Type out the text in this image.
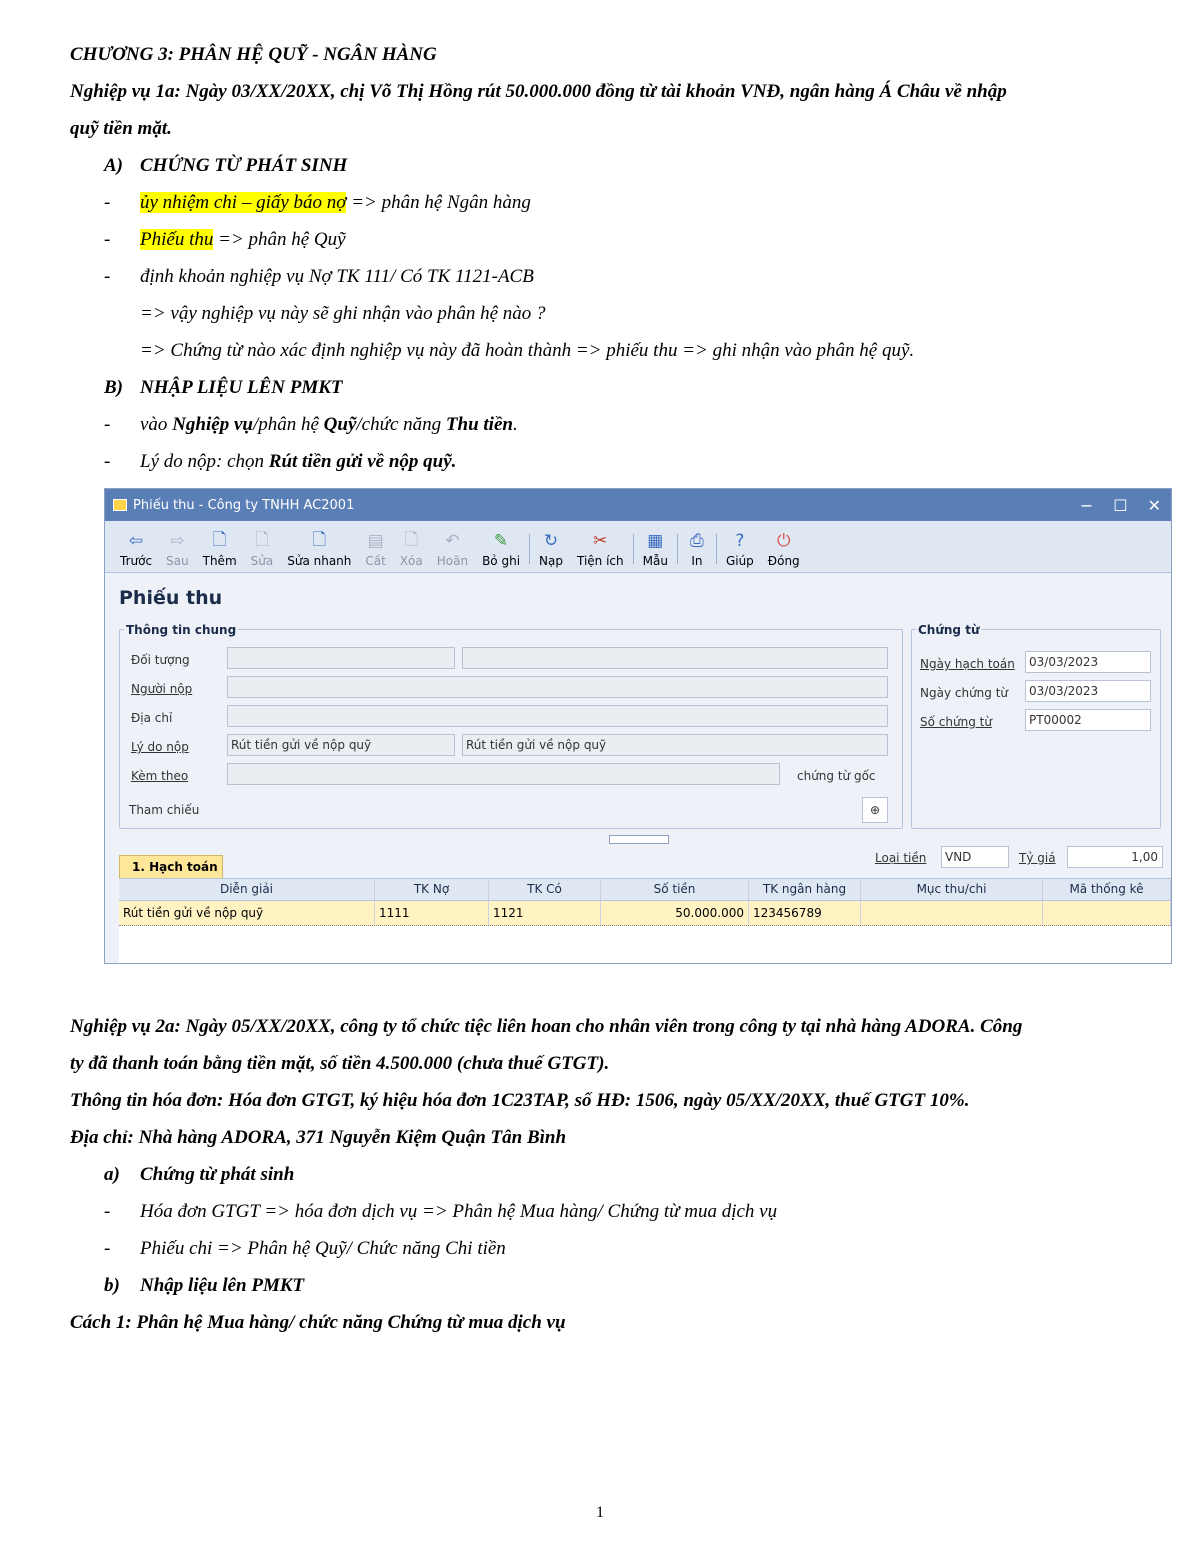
CHƯƠNG 3: PHÂN HỆ QUỸ - NGÂN HÀNG
Nghiệp vụ 1a: Ngày 03/XX/20XX, chị Võ Thị Hồng rút 50.000.000 đồng từ tài khoản VNĐ, ngân hàng Á Châu về nhập
quỹ tiền mặt.
A) CHỨNG TỪ PHÁT SINH
- ủy nhiệm chi – giấy báo nợ => phân hệ Ngân hàng
- Phiếu thu => phân hệ Quỹ
- định khoản nghiệp vụ Nợ TK 111/ Có TK 1121-ACB
=> vậy nghiệp vụ này sẽ ghi nhận vào phân hệ nào ?
=> Chứng từ nào xác định nghiệp vụ này đã hoàn thành => phiếu thu => ghi nhận vào phân hệ quỹ.
B) NHẬP LIỆU LÊN PMKT
- vào Nghiệp vụ/phân hệ Quỹ/chức năng Thu tiền.
- Lý do nộp: chọn Rút tiền gửi về nộp quỹ.
Phiếu thu - Công ty TNHH AC2001	− ☐ ✕
⇦
Trước
⇨
Sau
🗋
Thêm
🗋
Sửa
🗋
Sửa nhanh
▤
Cất
🗋
Xóa
↶
Hoãn
✎
Bỏ ghi
↻
Nạp
✂
Tiện ích
▦
Mẫu
⎙
In
?
Giúp
⏻
Đóng
Phiếu thu
Thông tin chung
Đối tượng
Người nộp
Địa chỉ
Lý do nộp	Rút tiền gửi về nộp quỹ	Rút tiền gửi về nộp quỹ
Kèm theo	chứng từ gốc
Tham chiếu	⊕
Chứng từ
Ngày hạch toán	03/03/2023
Ngày chứng từ	03/03/2023
Số chứng từ	PT00002
Loại tiền	VND	Tỷ giá	1,00
1. Hạch toán
Diễn giải	TK Nợ	TK Có	Số tiền	TK ngân hàng	Mục thu/chi	Mã thống kê
Rút tiền gửi về nộp quỹ	1111	1121	50.000.000 123456789
Nghiệp vụ 2a: Ngày 05/XX/20XX, công ty tổ chức tiệc liên hoan cho nhân viên trong công ty tại nhà hàng ADORA. Công
ty đã thanh toán bằng tiền mặt, số tiền 4.500.000 (chưa thuế GTGT).
Thông tin hóa đơn: Hóa đơn GTGT, ký hiệu hóa đơn 1C23TAP, số HĐ: 1506, ngày 05/XX/20XX, thuế GTGT 10%.
Địa chỉ: Nhà hàng ADORA, 371 Nguyễn Kiệm Quận Tân Bình
a) Chứng từ phát sinh
- Hóa đơn GTGT => hóa đơn dịch vụ => Phân hệ Mua hàng/ Chứng từ mua dịch vụ
- Phiếu chi => Phân hệ Quỹ/ Chức năng Chi tiền
b) Nhập liệu lên PMKT
Cách 1: Phân hệ Mua hàng/ chức năng Chứng từ mua dịch vụ
1
